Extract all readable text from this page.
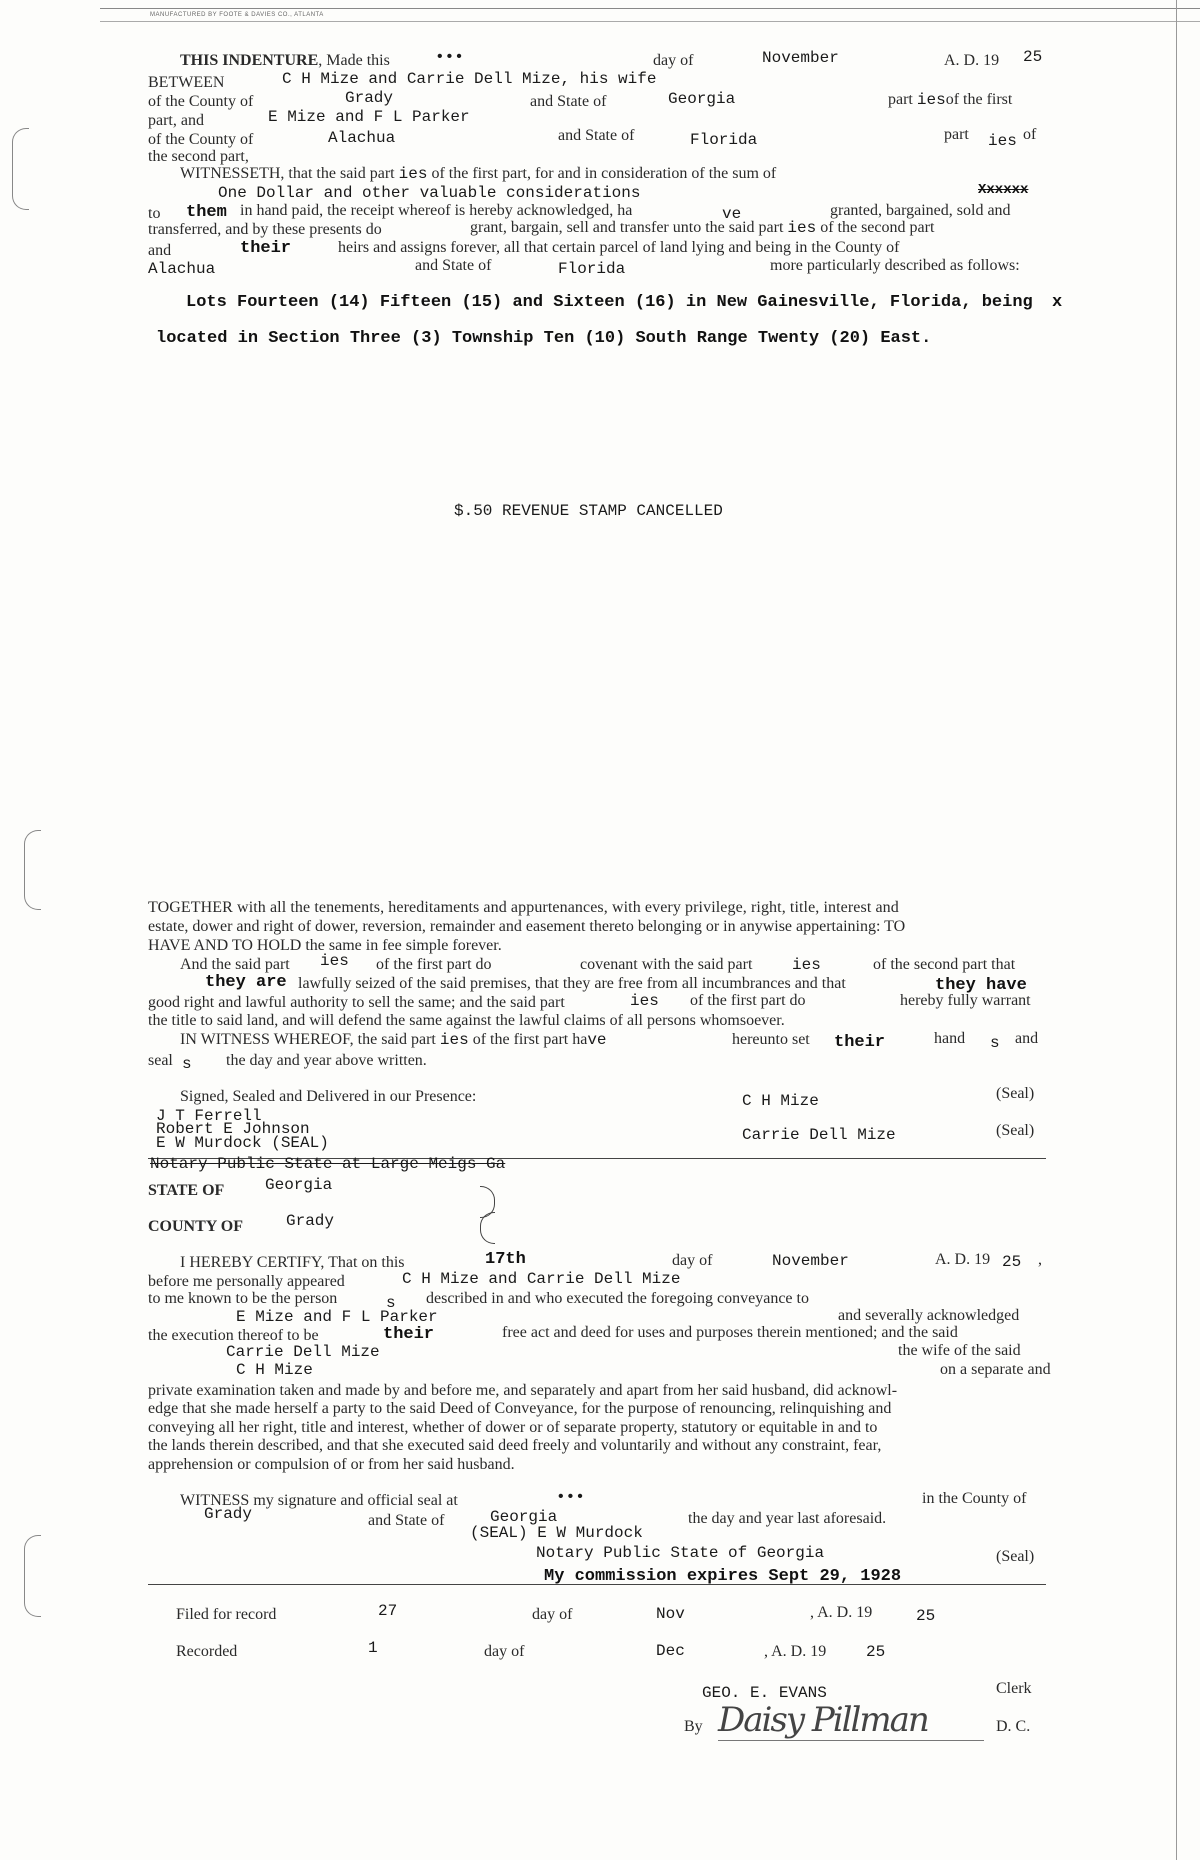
MANUFACTURED BY FOOTE & DAVIES CO., ATLANTA
THIS INDENTURE, Made this	•••	day of	November	A. D. 19 25
BETWEEN	C H Mize and Carrie Dell Mize, his wife
of the County of	Grady	and State of	Georgia	part iesof the first
part, and	E Mize and F L Parker
of the County of	Alachua	and State of	Florida	part ies of
the second part,
WITNESSETH, that the said part ies of the first part, for and in consideration of the sum of
One Dollar and other valuable considerations	Xxxxxx
to them in hand paid, the receipt whereof is hereby acknowledged, ha	ve	granted, bargained, sold and
transferred, and by these presents do	grant, bargain, sell and transfer unto the said part ies of the second part
and	their	heirs and assigns forever, all that certain parcel of land lying and being in the County of
Alachua	and State of	Florida	more particularly described as follows:
Lots Fourteen (14) Fifteen (15) and Sixteen (16) in New Gainesville, Florida, being x
located in Section Three (3) Township Ten (10) South Range Twenty (20) East.
$.50 REVENUE STAMP CANCELLED
TOGETHER with all the tenements, hereditaments and appurtenances, with every privilege, right, title, interest and
estate, dower and right of dower, reversion, remainder and easement thereto belonging or in anywise appertaining: TO
HAVE AND TO HOLD the same in fee simple forever.
And the said part ies of the first part do	covenant with the said part ies	of the second part that
they are lawfully seized of the said premises, that they are free from all incumbrances and that	they have
good right and lawful authority to sell the same; and the said part	ies of the first part do	hereby fully warrant
the title to said land, and will defend the same against the lawful claims of all persons whomsoever.
IN WITNESS WHEREOF, the said part ies of the first part have	hereunto set their	hand s and
seal s the day and year above written.
Signed, Sealed and Delivered in our Presence:	C H Mize	(Seal)
J T Ferrell
Robert E Johnson
E W Murdock (SEAL)	Carrie Dell Mize	(Seal)
Notary Public State at Large Meigs Ga
STATE OF	Georgia
COUNTY OF	Grady
I HEREBY CERTIFY, That on this	17th	day of	November	A. D. 19 25 ,
before me personally appeared	C H Mize and Carrie Dell Mize
to me known to be the person	s described in and who executed the foregoing conveyance to
E Mize and F L Parker	and severally acknowledged
the execution thereof to be	their	free act and deed for uses and purposes therein mentioned; and the said
Carrie Dell Mize	the wife of the said
C H Mize	on a separate and
private examination taken and made by and before me, and separately and apart from her said husband, did acknowl-
edge that she made herself a party to the said Deed of Conveyance, for the purpose of renouncing, relinquishing and
conveying all her right, title and interest, whether of dower or of separate property, statutory or equitable in and to
the lands therein described, and that she executed said deed freely and voluntarily and without any constraint, fear,
apprehension or compulsion of or from her said husband.
WITNESS my signature and official seal at	•••	in the County of
Grady	and State of	Georgia	the day and year last aforesaid.
(SEAL) E W Murdock
Notary Public State of Georgia	(Seal)
My commission expires Sept 29, 1928
Filed for record	27	day of	Nov	, A. D. 19	25
Recorded	1	day of	Dec	, A. D. 19 25
GEO. E. EVANS	Clerk
By Daisy Pillman	D. C.
